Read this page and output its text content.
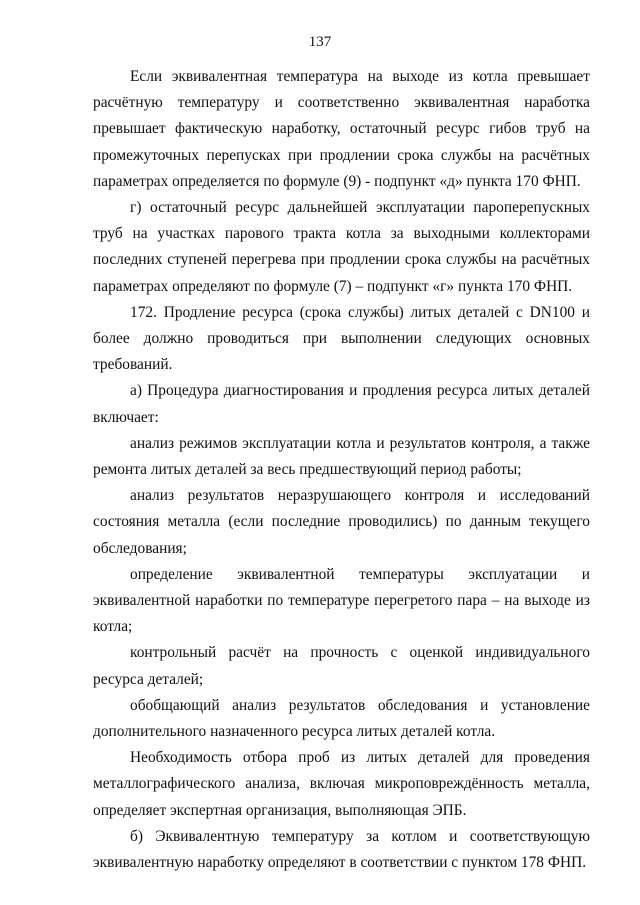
137

Если эквивалентная температура на выходе из котла превышает расчётную температуру и соответственно эквивалентная наработка превышает фактическую наработку, остаточный ресурс гибов труб на промежуточных перепусках при продлении срока службы на расчётных параметрах определяется по формуле (9) - подпункт «д» пункта 170 ФНП.

г) остаточный ресурс дальнейшей эксплуатации пароперепускных труб на участках парового тракта котла за выходными коллекторами последних ступеней перегрева при продлении срока службы на расчётных параметрах определяют по формуле (7) – подпункт «г» пункта 170 ФНП.

172. Продление ресурса (срока службы) литых деталей с DN100 и более должно проводиться при выполнении следующих основных требований.

а) Процедура диагностирования и продления ресурса литых деталей включает:

анализ режимов эксплуатации котла и результатов контроля, а также ремонта литых деталей за весь предшествующий период работы;

анализ результатов неразрушающего контроля и исследований состояния металла (если последние проводились) по данным текущего обследования;

определение эквивалентной температуры эксплуатации и эквивалентной наработки по температуре перегретого пара – на выходе из котла;

контрольный расчёт на прочность с оценкой индивидуального ресурса деталей;

обобщающий анализ результатов обследования и установление дополнительного назначенного ресурса литых деталей котла.

Необходимость отбора проб из литых деталей для проведения металлографического анализа, включая микроповреждённость металла, определяет экспертная организация, выполняющая ЭПБ.

б) Эквивалентную температуру за котлом и соответствующую эквивалентную наработку определяют в соответствии с пунктом 178 ФНП.
